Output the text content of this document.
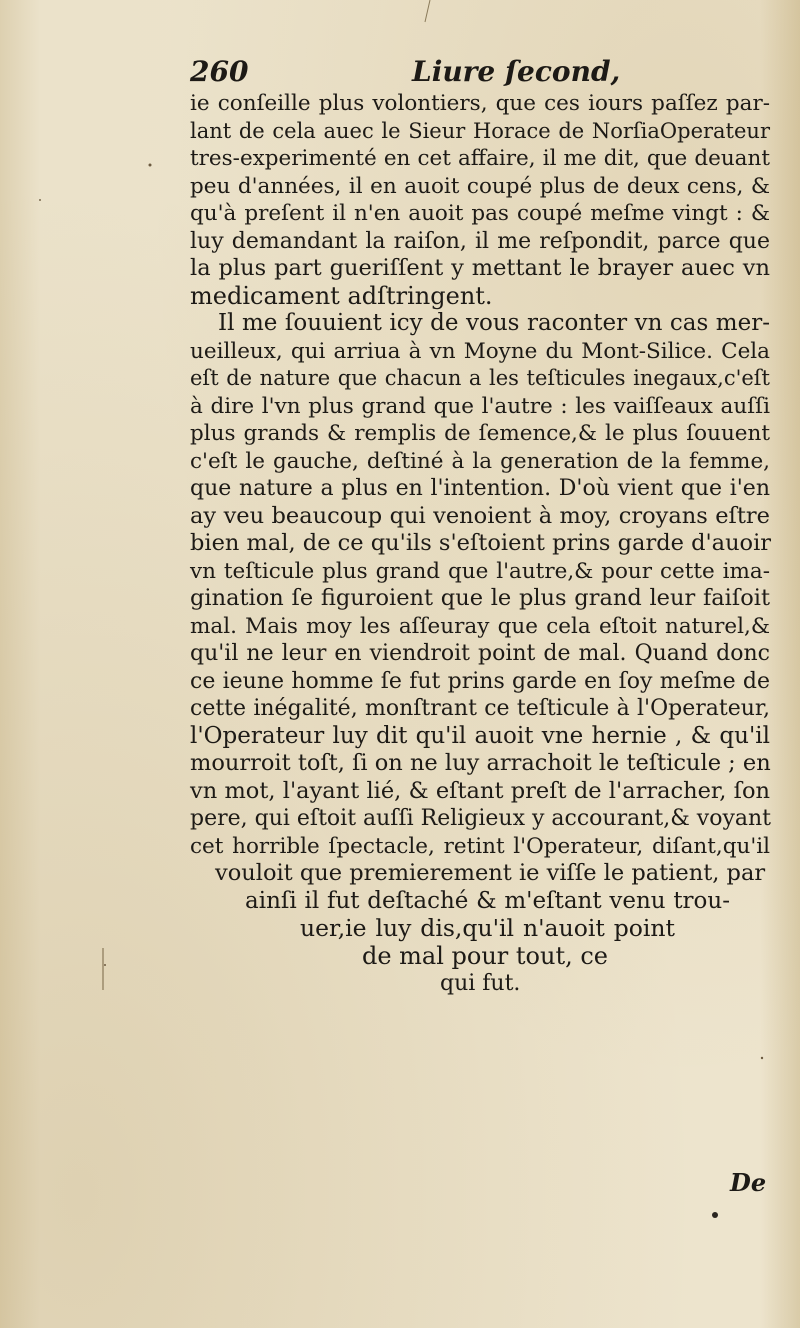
260	Liure ſecond,
ie conſeille plus volontiers, que ces iours paſſez par-
lant de cela auec le Sieur Horace de NorſiaOperateur
tres-experimenté en cet affaire, il me dit, que deuant
peu d'années, il en auoit coupé plus de deux cens, &
qu'à preſent il n'en auoit pas coupé meſme vingt : &
luy demandant la raiſon, il me reſpondit, parce que
la plus part gueriſſent y mettant le brayer auec vn
medicament adſtringent.
Il me ſouuient icy de vous raconter vn cas mer-
ueilleux, qui arriua à vn Moyne du Mont-Silice. Cela
eſt de nature que chacun a les teſticules inegaux,c'eſt
à dire l'vn plus grand que l'autre : les vaiſſeaux auſſi
plus grands & remplis de ſemence,& le plus ſouuent
c'eſt le gauche, deſtiné à la generation de la femme,
que nature a plus en l'intention. D'où vient que i'en
ay veu beaucoup qui venoient à moy, croyans eſtre
bien mal, de ce qu'ils s'eſtoient prins garde d'auoir
vn teſticule plus grand que l'autre,& pour cette ima-
gination ſe figuroient que le plus grand leur faiſoit
mal. Mais moy les aſſeuray que cela eſtoit naturel,&
qu'il ne leur en viendroit point de mal. Quand donc
ce ieune homme ſe fut prins garde en ſoy meſme de
cette inégalité, monſtrant ce teſticule à l'Operateur,
l'Operateur luy dit qu'il auoit vne hernie , & qu'il
mourroit toſt, ſi on ne luy arrachoit le teſticule ; en
vn mot, l'ayant lié, & eſtant preſt de l'arracher, ſon
pere, qui eſtoit auſſi Religieux y accourant,& voyant
cet horrible ſpectacle, retint l'Operateur, diſant,qu'il
vouloit que premierement ie viſſe le patient, par
ainſi il fut deſtaché & m'eſtant venu trou-
uer,ie luy dis,qu'il n'auoit point
de mal pour tout, ce
qui fut.
De
